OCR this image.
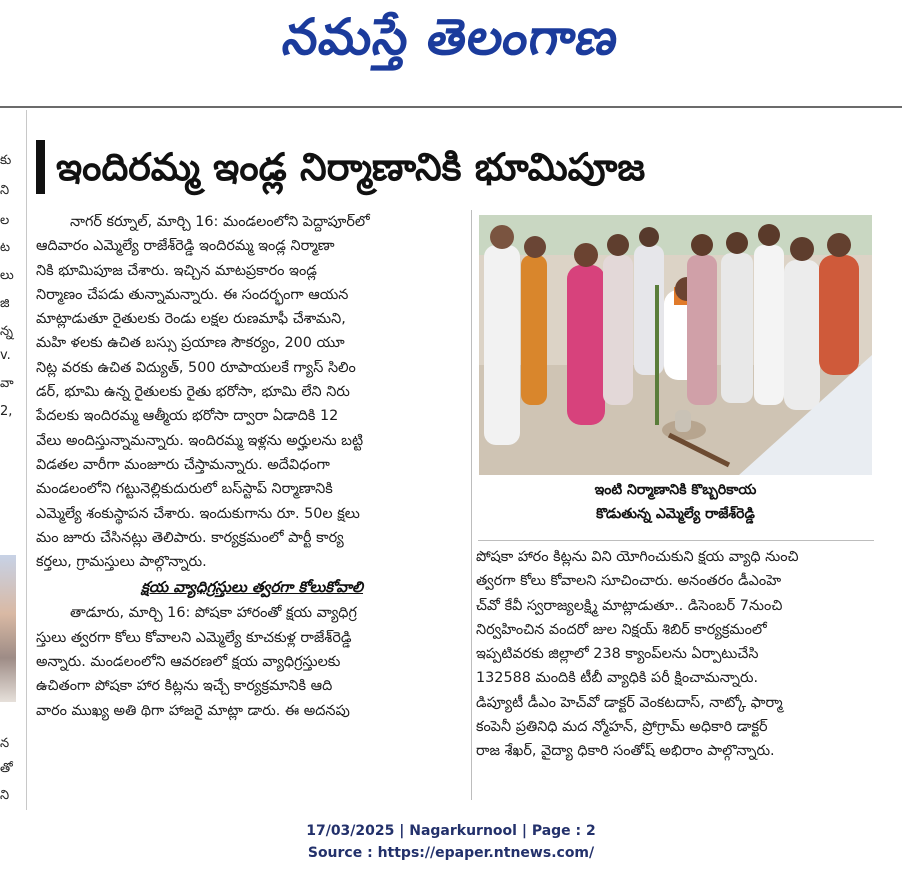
నమస్తే తెలంగాణ
కు
ని
ల
ట
లు
జి
న్న
v.
వా
2,
న
తో
ని
ఇందిరమ్మ ఇండ్ల నిర్మాణానికి భూమిపూజ
నాగర్‌ కర్నూల్‌, మార్చి 16: మండలంలోని పెద్దాపూర్‌లో
ఆదివారం ఎమ్మెల్యే రాజేశ్‌రెడ్డి ఇందిరమ్మ ఇండ్ల నిర్మాణా
నికి భూమిపూజ చేశారు. ఇచ్చిన మాటప్రకారం ఇండ్ల
నిర్మాణం చేపడు తున్నామన్నారు. ఈ సందర్భంగా ఆయన
మాట్లాడుతూ రైతులకు రెండు లక్షల రుణమాఫీ చేశామని,
మహి ళలకు ఉచిత బస్సు ప్రయాణ సౌకర్యం, 200 యూ
నిట్ల వరకు ఉచిత విద్యుత్‌, 500 రూపాయలకే గ్యాస్‌ సిలిం
డర్‌, భూమి ఉన్న రైతులకు రైతు భరోసా, భూమి లేని నిరు
పేదలకు ఇందిరమ్మ ఆత్మీయ భరోసా ద్వారా ఏడాదికి 12
వేలు అందిస్తున్నామన్నారు. ఇందిరమ్మ ఇళ్లను అర్హులను బట్టి
విడతల వారీగా మంజూరు చేస్తామన్నారు. అదేవిధంగా
మండలంలోని గట్టునెల్లికుదురులో బస్‌స్టాప్‌ నిర్మాణానికి
ఎమ్మెల్యే శంకుస్థాపన చేశారు. ఇందుకుగాను రూ. 50ల క్షలు
మం జూరు చేసినట్లు తెలిపారు. కార్యక్రమంలో పార్టీ కార్య
కర్తలు, గ్రామస్తులు పాల్గొన్నారు.
క్షయ వ్యాధిగ్రస్తులు త్వరగా కోలుకోవాలి
తాడూరు, మార్చి 16: పోషకా హారంతో క్షయ వ్యాధిగ్ర
స్తులు త్వరగా కోలు కోవాలని ఎమ్మెల్యే కూచకుళ్ల రాజేశ్‌రెడ్డి
అన్నారు. మండలంలోని ఆవరణలో క్షయ వ్యాధిగ్రస్తులకు
ఉచితంగా పోషకా హార కిట్లను ఇచ్చే కార్యక్రమానికి ఆది
వారం ముఖ్య అతి థిగా హాజరై మాట్లా డారు. ఈ అదనపు
ఇంటి నిర్మాణానికి కొబ్బరికాయ
కొడుతున్న ఎమ్మెల్యే రాజేశ్‌రెడ్డి
పోషకా హారం కిట్లను విని యోగించుకుని క్షయ వ్యాధి నుంచి
త్వరగా కోలు కోవాలని సూచించారు. అనంతరం డీఎంహె
చ్‌వో కేవీ స్వరాజ్యలక్ష్మి మాట్లాడుతూ.. డిసెంబర్‌ 7నుంచి
నిర్వహించిన వందరో జుల నిక్షయ్‌ శిబిర్‌ కార్యక్రమంలో
ఇప్పటివరకు జిల్లాలో 238 క్యాంప్‌లను ఏర్పాటుచేసి
132588 మందికి టీబీ వ్యాధికి పరీ క్షించామన్నారు.
డిప్యూటీ డీఎం హెచ్‌వో డాక్టర్‌ వెంకటదాస్‌, నాట్కో ఫార్మా
కంపెనీ ప్రతినిధి మద న్మోహన్‌, ప్రోగ్రామ్‌ అధికారి డాక్టర్‌
రాజ శేఖర్‌, వైద్యా ధికారి సంతోష్‌ అభిరాం పాల్గొన్నారు.
17/03/2025 | Nagarkurnool | Page : 2
Source : https://epaper.ntnews.com/
